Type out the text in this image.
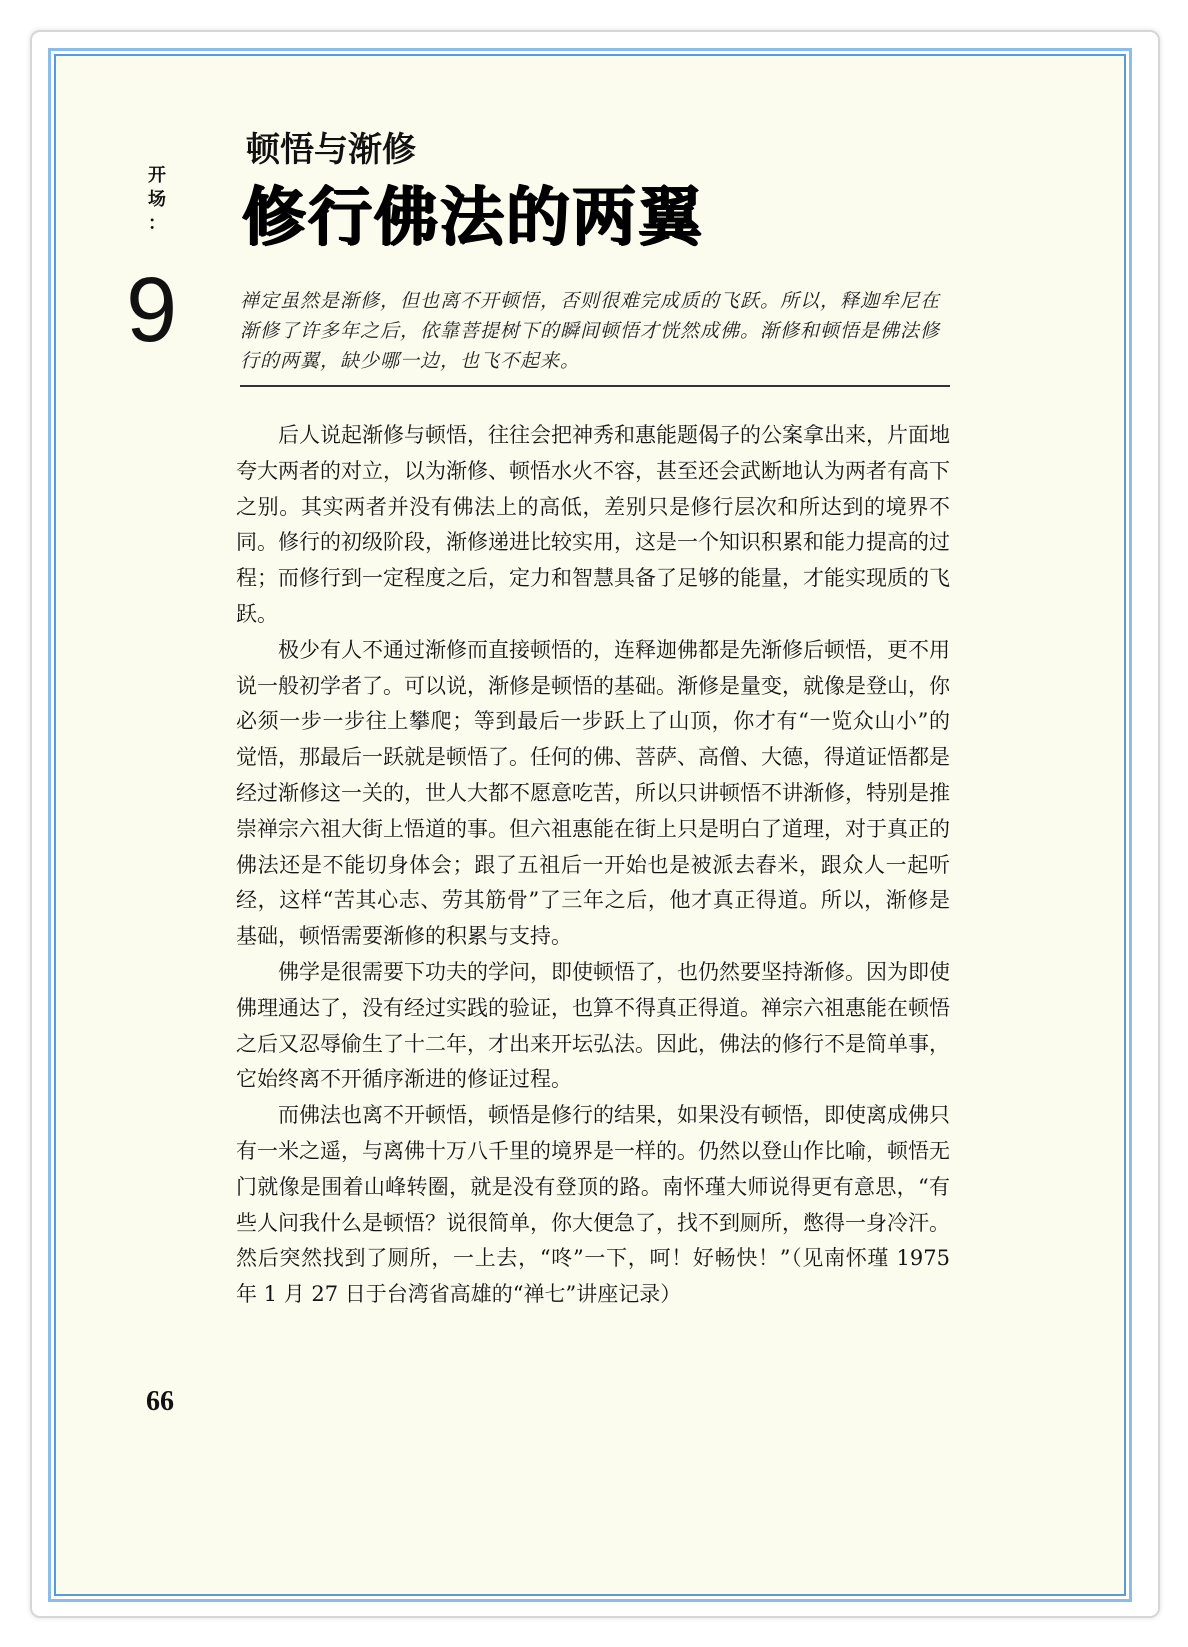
开
场
：
9
顿悟与渐修
修行佛法的两翼
禅定虽然是渐修，但也离不开顿悟，否则很难完成质的飞跃。所以，释迦牟尼在渐修了许多年之后，依靠菩提树下的瞬间顿悟才恍然成佛。渐修和顿悟是佛法修行的两翼，缺少哪一边，也飞不起来。

后人说起渐修与顿悟，往往会把神秀和惠能题偈子的公案拿出来，片面地夸大两者的对立，以为渐修、顿悟水火不容，甚至还会武断地认为两者有高下之别。其实两者并没有佛法上的高低，差别只是修行层次和所达到的境界不同。修行的初级阶段，渐修递进比较实用，这是一个知识积累和能力提高的过程；而修行到一定程度之后，定力和智慧具备了足够的能量，才能实现质的飞跃。

极少有人不通过渐修而直接顿悟的，连释迦佛都是先渐修后顿悟，更不用说一般初学者了。可以说，渐修是顿悟的基础。渐修是量变，就像是登山，你必须一步一步往上攀爬；等到最后一步跃上了山顶，你才有“一览众山小”的觉悟，那最后一跃就是顿悟了。任何的佛、菩萨、高僧、大德，得道证悟都是经过渐修这一关的，世人大都不愿意吃苦，所以只讲顿悟不讲渐修，特别是推崇禅宗六祖大街上悟道的事。但六祖惠能在街上只是明白了道理，对于真正的佛法还是不能切身体会；跟了五祖后一开始也是被派去舂米，跟众人一起听经，这样“苦其心志、劳其筋骨”了三年之后，他才真正得道。所以，渐修是基础，顿悟需要渐修的积累与支持。

佛学是很需要下功夫的学问，即使顿悟了，也仍然要坚持渐修。因为即使佛理通达了，没有经过实践的验证，也算不得真正得道。禅宗六祖惠能在顿悟之后又忍辱偷生了十二年，才出来开坛弘法。因此，佛法的修行不是简单事，它始终离不开循序渐进的修证过程。

而佛法也离不开顿悟，顿悟是修行的结果，如果没有顿悟，即使离成佛只有一米之遥，与离佛十万八千里的境界是一样的。仍然以登山作比喻，顿悟无门就像是围着山峰转圈，就是没有登顶的路。南怀瑾大师说得更有意思，“有些人问我什么是顿悟？说很简单，你大便急了，找不到厕所，憋得一身冷汗。然后突然找到了厕所，一上去，“咚”一下，呵！好畅快！”（见南怀瑾 1975 年 1 月 27 日于台湾省高雄的“禅七”讲座记录）

66
